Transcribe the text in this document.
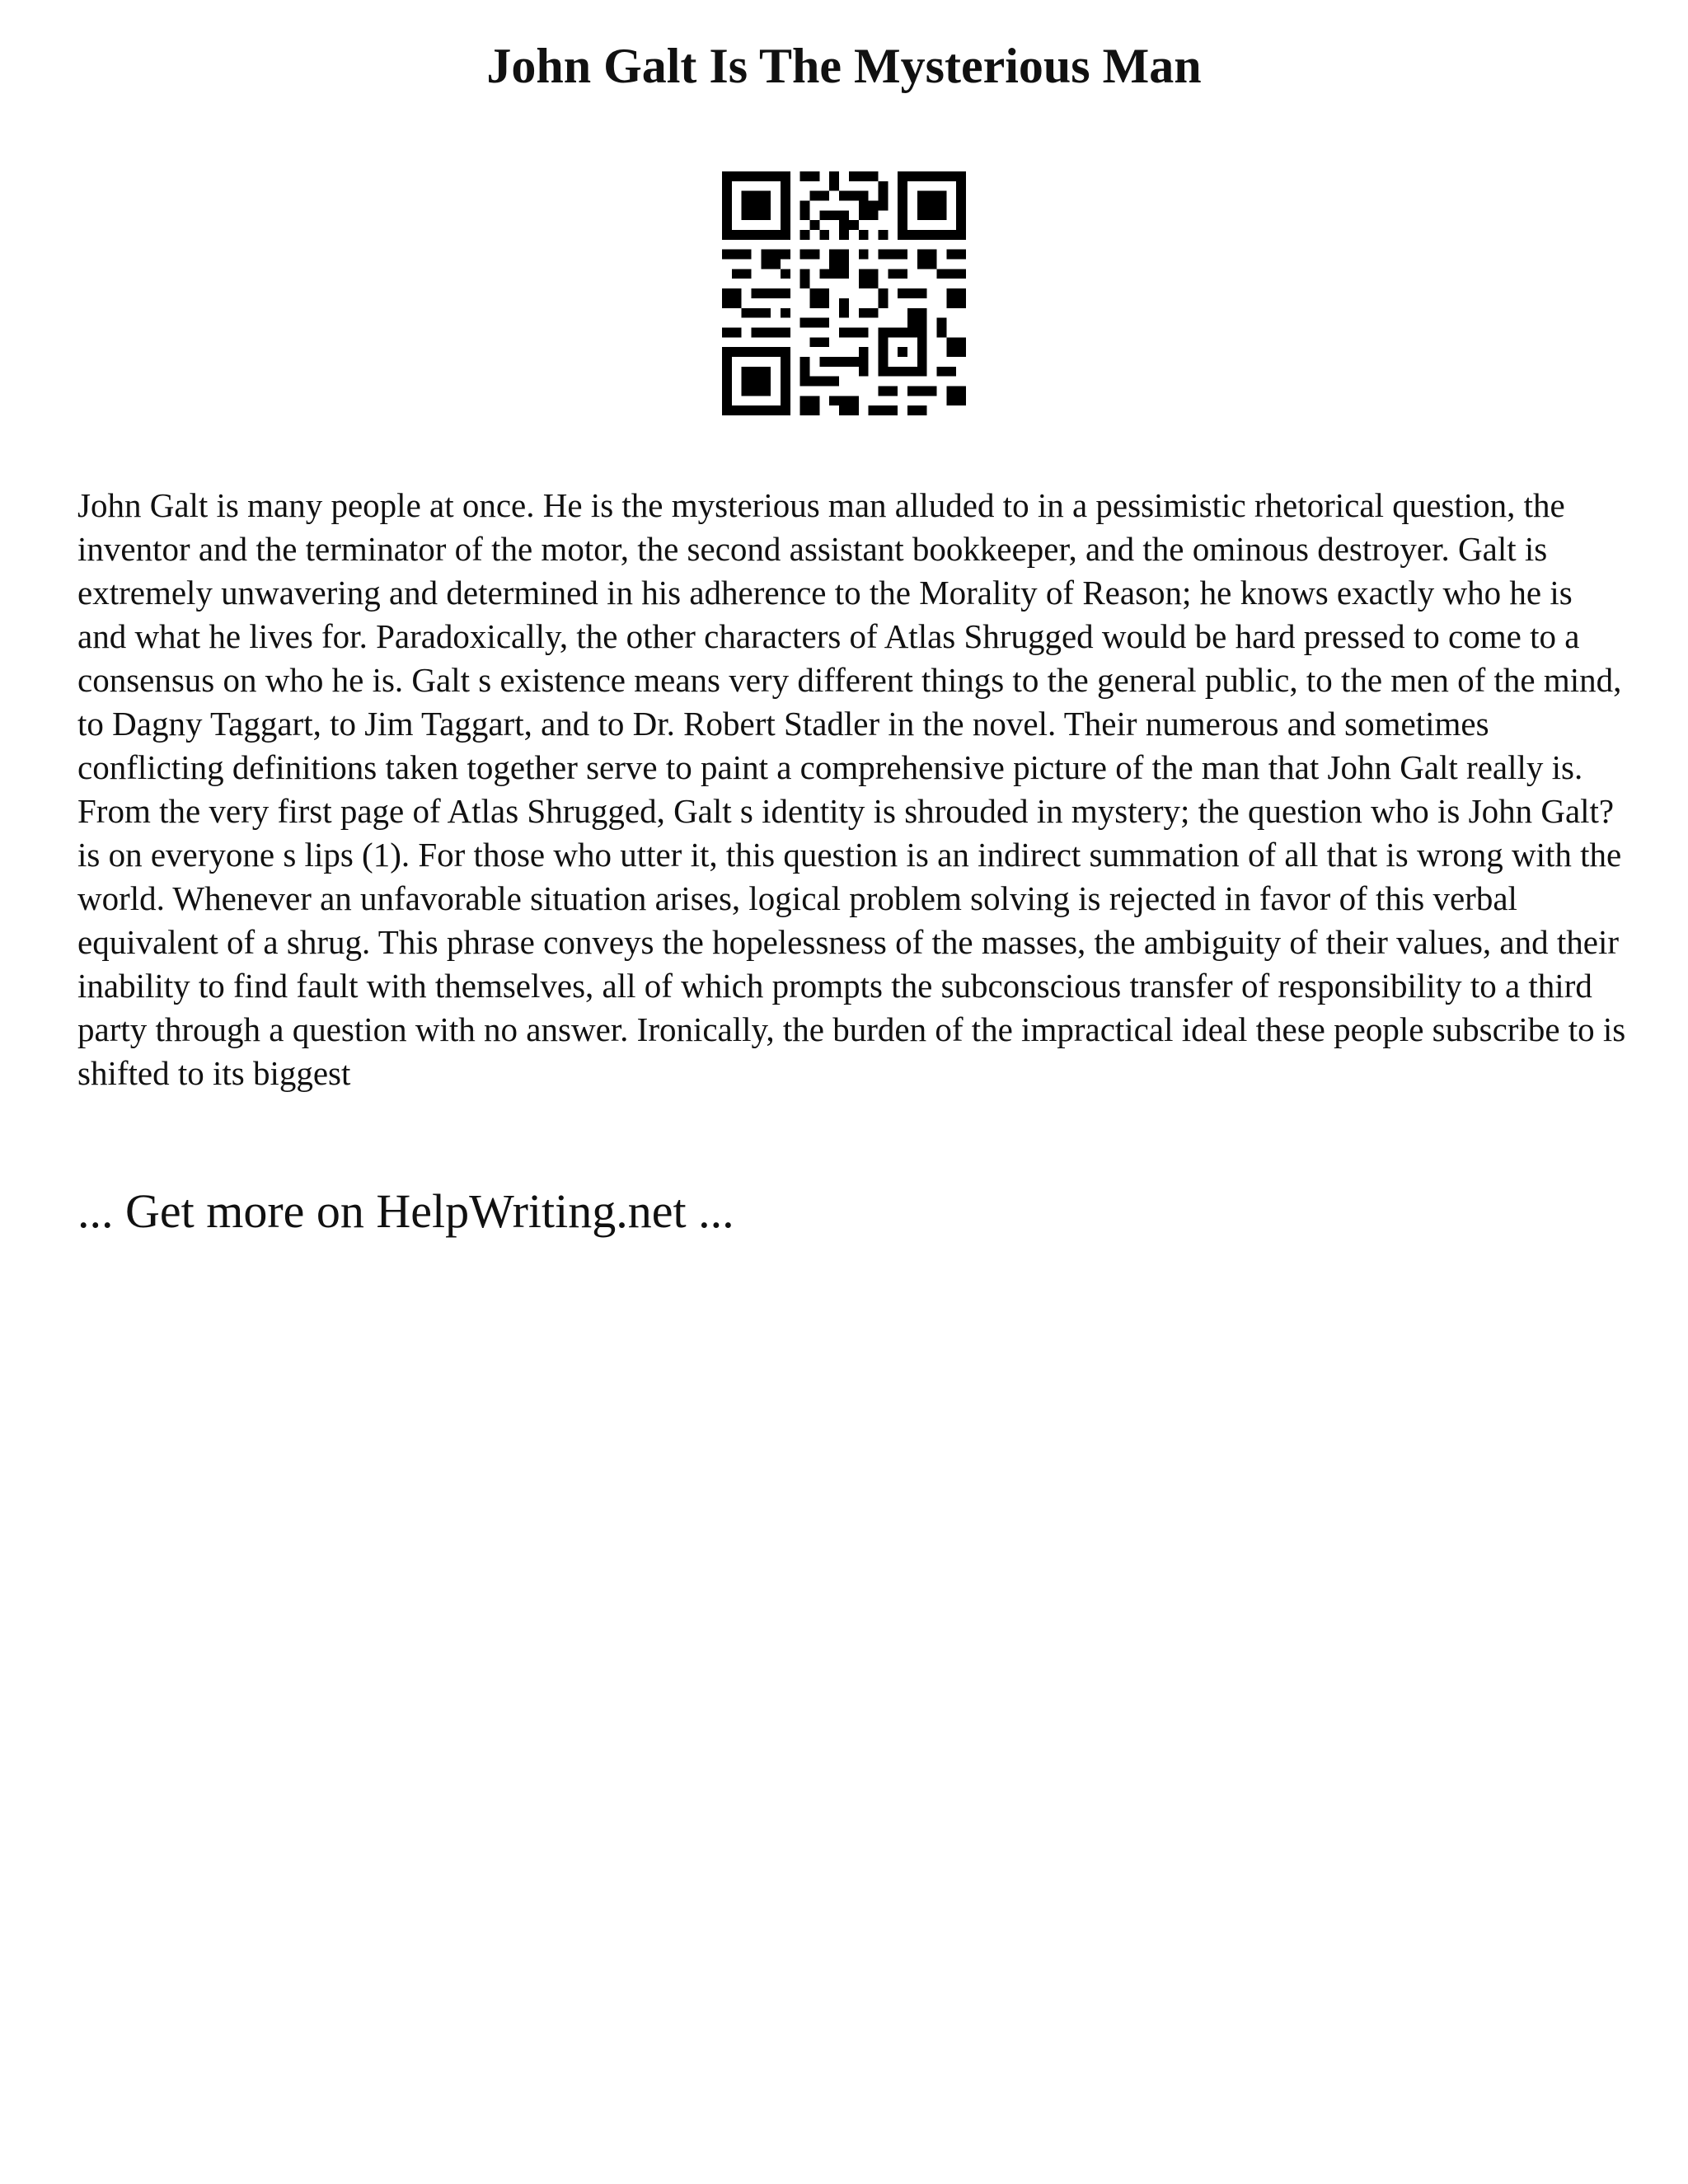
John Galt Is The Mysterious Man

John Galt is many people at once. He is the mysterious man alluded to in a pessimistic rhetorical question, the inventor and the terminator of the motor, the second assistant bookkeeper, and the ominous destroyer. Galt is extremely unwavering and determined in his adherence to the Morality of Reason; he knows exactly who he is and what he lives for. Paradoxically, the other characters of Atlas Shrugged would be hard pressed to come to a consensus on who he is. Galt s existence means very different things to the general public, to the men of the mind, to Dagny Taggart, to Jim Taggart, and to Dr. Robert Stadler in the novel. Their numerous and sometimes conflicting definitions taken together serve to paint a comprehensive picture of the man that John Galt really is.

From the very first page of Atlas Shrugged, Galt s identity is shrouded in mystery; the question who is John Galt? is on everyone s lips (1). For those who utter it, this question is an indirect summation of all that is wrong with the world. Whenever an unfavorable situation arises, logical problem solving is rejected in favor of this verbal equivalent of a shrug. This phrase conveys the hopelessness of the masses, the ambiguity of their values, and their inability to find fault with themselves, all of which prompts the subconscious transfer of responsibility to a third party through a question with no answer. Ironically, the burden of the impractical ideal these people subscribe to is shifted to its biggest

... Get more on HelpWriting.net ...
